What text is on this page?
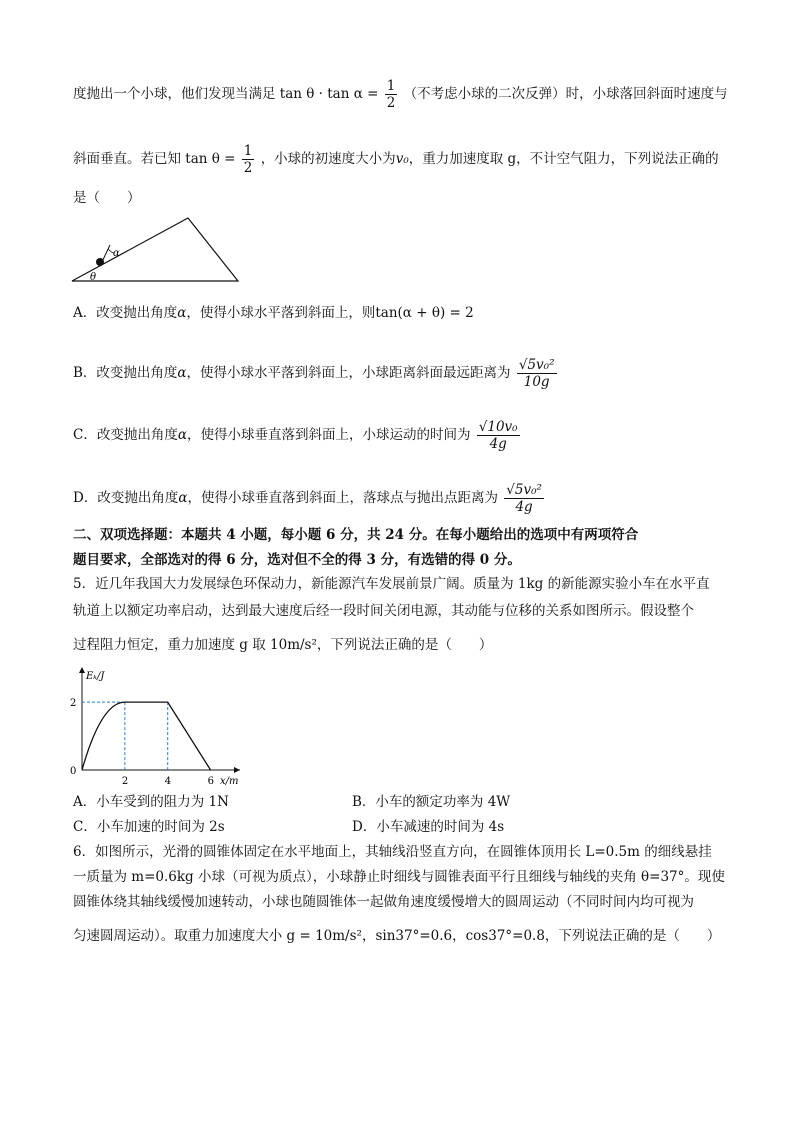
度抛出一个小球，他们发现当满足 $\tan \theta \cdot \tan \alpha = \frac{1}{2}$ （不考虑小球的二次反弹）时，小球落回斜面时速度与
斜面垂直。若已知 $\tan \theta = \frac{1}{2}$ ，小球的初速度大小为v₀，重力加速度取 g，不计空气阻力，下列说法正确的
是（　　）
α
θ
A．改变抛出角度α，使得小球水平落到斜面上，则tan(α + θ) = 2
B．改变抛出角度α，使得小球水平落到斜面上，小球距离斜面最远距离为 $\frac{\text{√5v₀²}}{10g}$
C．改变抛出角度α，使得小球垂直落到斜面上，小球运动的时间为 $\frac{\text{√10v₀}}{4g}$
D．改变抛出角度α，使得小球垂直落到斜面上，落球点与抛出点距离为 $\frac{\text{√5v₀²}}{4g}$
二、双项选择题：本题共 4 小题，每小题 6 分，共 24 分。在每小题给出的选项中有两项符合
题目要求，全部选对的得 6 分，选对但不全的得 3 分，有选错的得 0 分。
5．近几年我国大力发展绿色环保动力，新能源汽车发展前景广阔。质量为 1kg 的新能源实验小车在水平直
轨道上以额定功率启动，达到最大速度后经一段时间关闭电源，其动能与位移的关系如图所示。假设整个
过程阻力恒定，重力加速度 g 取 10m/s²，下列说法正确的是（　　）
Eₖ/J
x/m
0
2
2	4	6
A．小车受到的阻力为 1N	B．小车的额定功率为 4W
C．小车加速的时间为 2s	D．小车减速的时间为 4s
6．如图所示，光滑的圆锥体固定在水平地面上，其轴线沿竖直方向，在圆锥体顶用长 L=0.5m 的细线悬挂
一质量为 m=0.6kg 小球（可视为质点），小球静止时细线与圆锥表面平行且细线与轴线的夹角 θ=37°。现使
圆锥体绕其轴线缓慢加速转动，小球也随圆锥体一起做角速度缓慢增大的圆周运动（不同时间内均可视为
匀速圆周运动）。取重力加速度大小 g = 10m/s²，sin37°=0.6，cos37°=0.8，下列说法正确的是（　　）
